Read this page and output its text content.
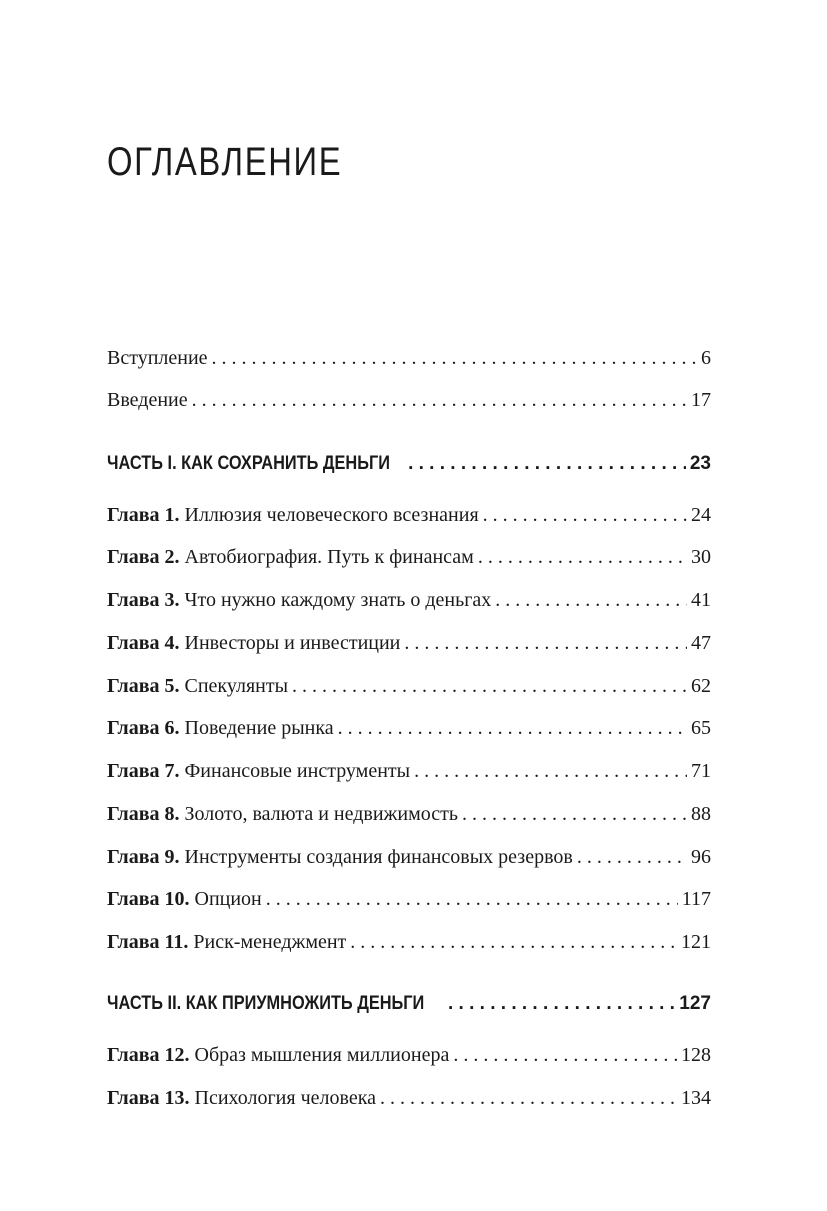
ОГЛАВЛЕНИЕ
Вступление . . .	6
Введение . . .	17
ЧАСТЬ I. КАК СОХРАНИТЬ ДЕНЬГИ . . .	23
Глава 1. Иллюзия человеческого всезнания . . .	24
Глава 2. Автобиография. Путь к финансам . . .	30
Глава 3. Что нужно каждому знать о деньгах . . .	41
Глава 4. Инвесторы и инвестиции . . .	47
Глава 5. Спекулянты . . .	62
Глава 6. Поведение рынка . . .	65
Глава 7. Финансовые инструменты . . .	71
Глава 8. Золото, валюта и недвижимость . . .	88
Глава 9. Инструменты создания финансовых резервов . . .	96
Глава 10. Опцион . . .	117
Глава 11. Риск-менеджмент . . .	121
ЧАСТЬ II. КАК ПРИУМНОЖИТЬ ДЕНЬГИ . . .	127
Глава 12. Образ мышления миллионера . . .	128
Глава 13. Психология человека . . .	134
